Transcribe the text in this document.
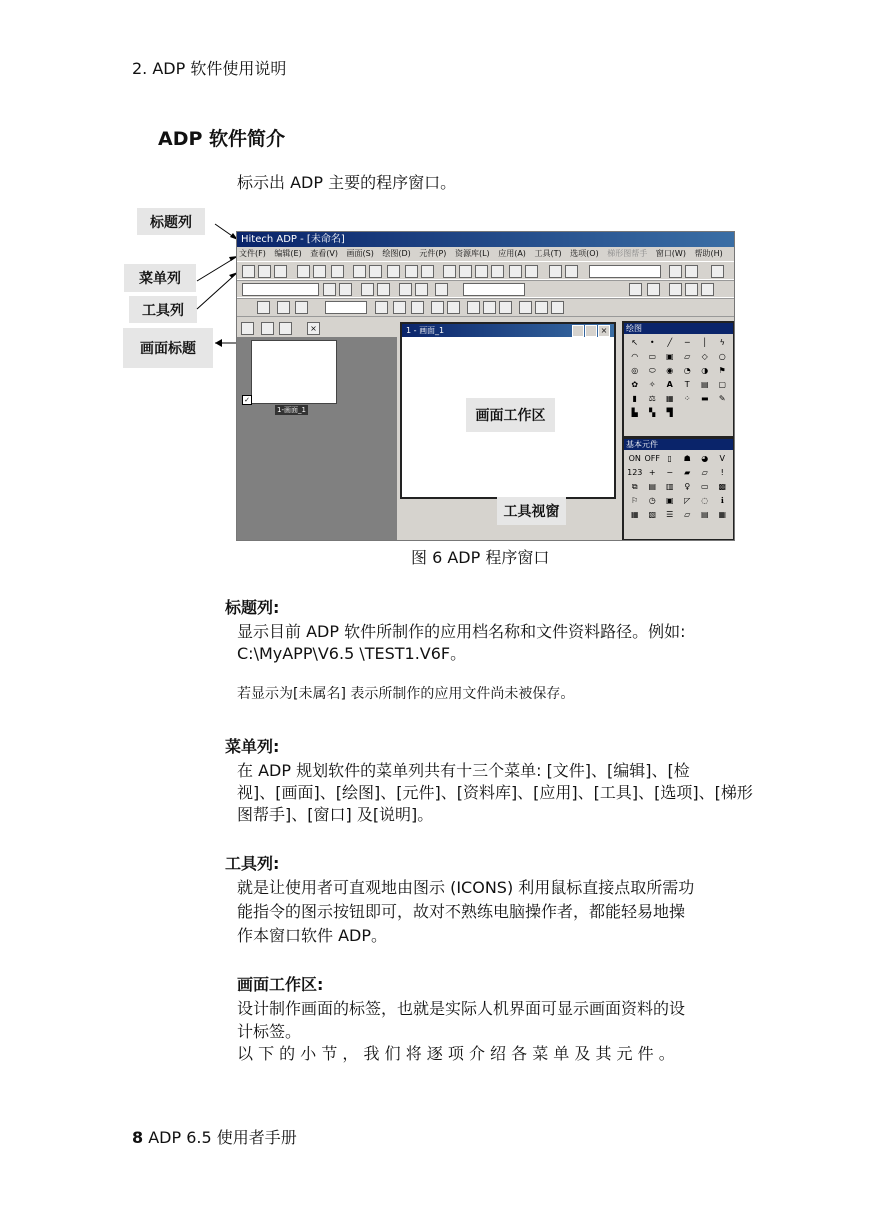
2. ADP 软件使用说明
ADP 软件简介
标示出 ADP 主要的程序窗口。
标题列
菜单列
工具列
画面标题
Hitech ADP - [未命名]
文件(F) 编辑(E) 查看(V) 画面(S) 绘图(D) 元件(P) 资源库(L) 应用(A) 工具(T) 选项(O) 梯形图帮手 窗口(W) 帮助(H)
×
✓
1-画面_1
1 - 画面_1	×	绘图
↖	•	╱	─	│	ϟ
◠	▭	▣	▱	◇	○
◎	⬭	◉	◔	◑	⚑
✿	✧	A	T	▤	▢
▮	⚖	▦	⁘	▬	✎
▙	▚	▜
基本元件
ON OFF ▯	☗	◕	V
123 +	−	▰	▱	!
⧉	▤	▥	♀	▭	▩
⚐	◷	▣	◸	◌	ℹ
▦	▧	☰	▱	▤	▦
画面工作区
工具视窗
图 6 ADP 程序窗口
标题列:
显示目前 ADP 软件所制作的应用档名称和文件资料路径。例如:
C:\MyAPP\V6.5 \TEST1.V6F。
若显示为[未属名] 表示所制作的应用文件尚未被保存。
菜单列:
在 ADP 规划软件的菜单列共有十三个菜单: [文件]、[编辑]、[检
视]、[画面]、[绘图]、[元件]、[资料库]、[应用]、[工具]、[选项]、[梯形
图帮手]、[窗口] 及[说明]。
工具列:
就是让使用者可直观地由图示 (ICONS) 利用鼠标直接点取所需功
能指令的图示按钮即可，故对不熟练电脑操作者，都能轻易地操
作本窗口软件 ADP。
画面工作区:
设计制作画面的标签，也就是实际人机界面可显示画面资料的设
计标签。
以 下 的 小 节 ， 我 们 将 逐 项 介 绍 各 菜 单 及 其 元 件 。
8 ADP 6.5 使用者手册
